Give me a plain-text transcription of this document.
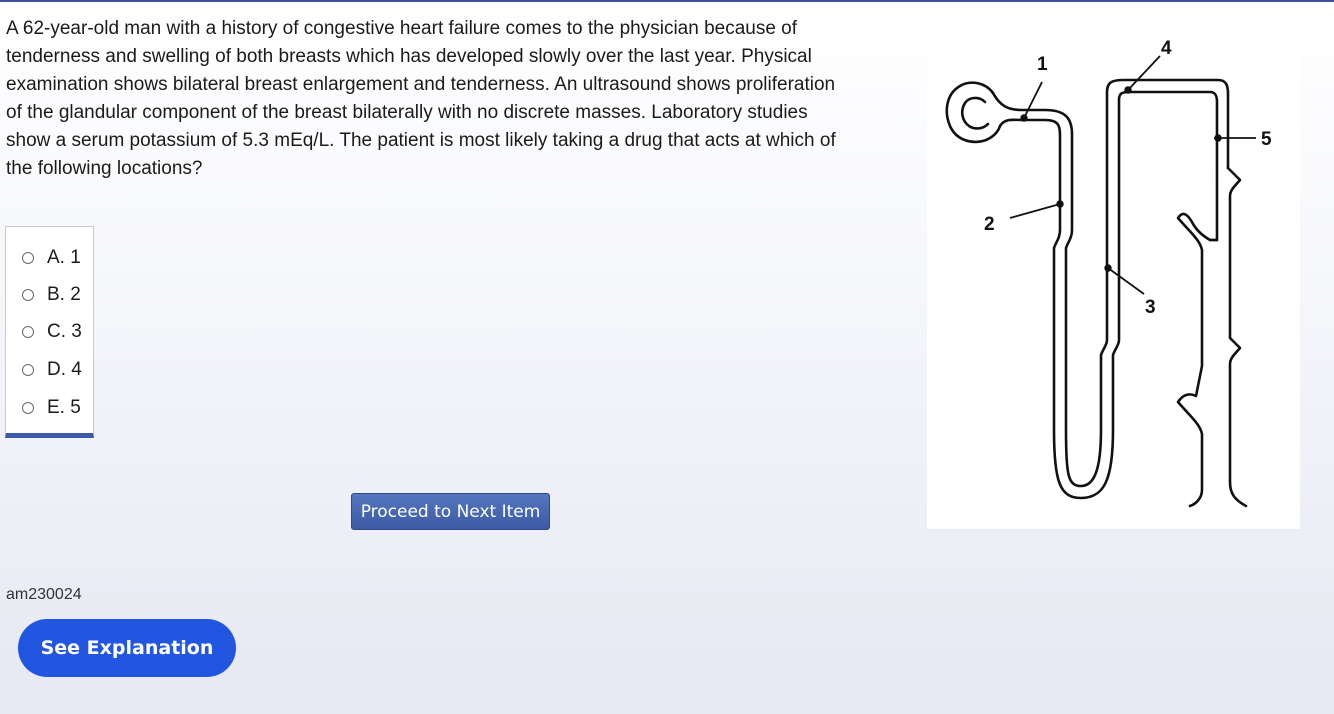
A 62-year-old man with a history of congestive heart failure comes to the physician because of tenderness and swelling of both breasts which has developed slowly over the last year. Physical examination shows bilateral breast enlargement and tenderness. An ultrasound shows proliferation of the glandular component of the breast bilaterally with no discrete masses. Laboratory studies show a serum potassium of 5.3 mEq/L. The patient is most likely taking a drug that acts at which of the following locations?

A. 1
B. 2
C. 3
D. 4
E. 5
Proceed to Next Item
am230024
See Explanation
1
2
3
4
5
